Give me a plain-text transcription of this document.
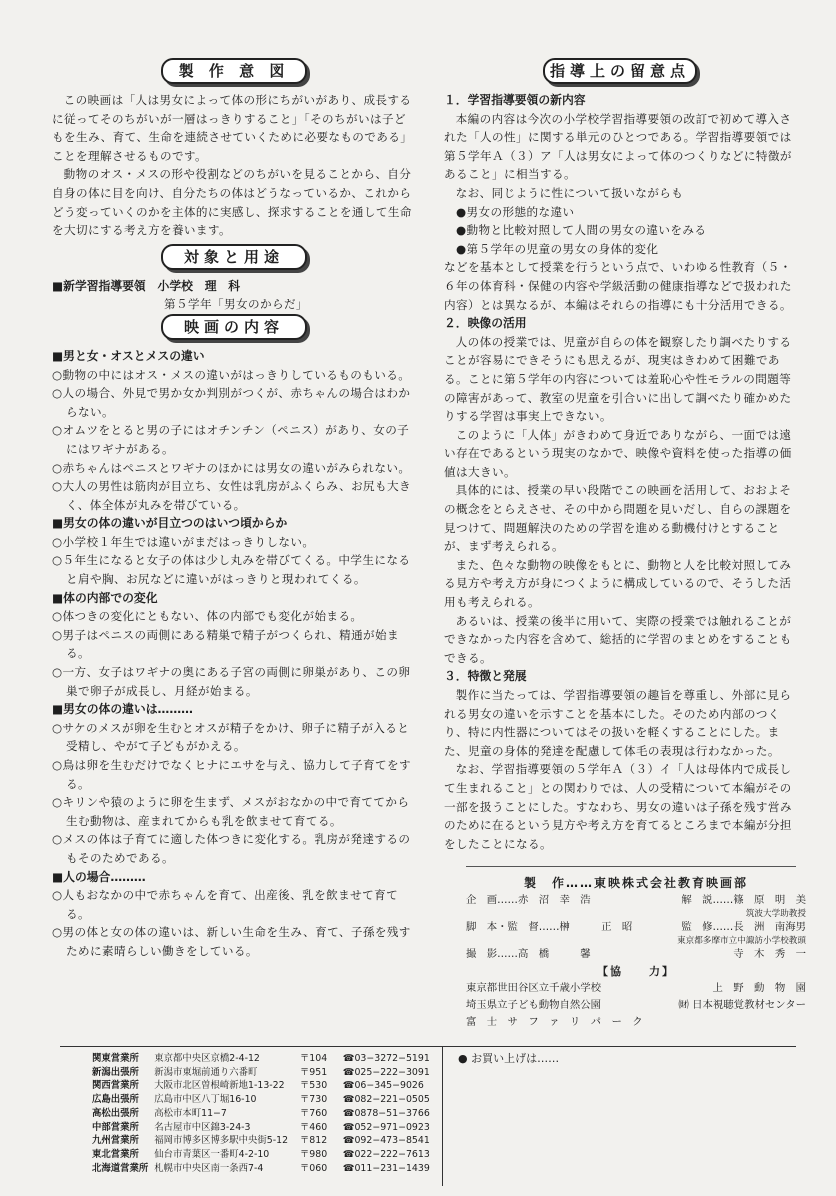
製 作 意 図

この映画は「人は男女によって体の形にちがいがあり、成長するに従ってそのちがいが一層はっきりすること」「そのちがいは子どもを生み、育て、生命を連続させていくために必要なものである」ことを理解させるものです。

動物のオス・メスの形や役割などのちがいを見ることから、自分自身の体に目を向け、自分たちの体はどうなっているか、これからどう変っていくのかを主体的に実感し、探求することを通して生命を大切にする考え方を養います。

対象と用途

■新学習指導要領　小学校　理　科

第５学年「男女のからだ」

映画の内容

■男と女・オスとメスの違い

○動物の中にはオス・メスの違いがはっきりしているものもいる。

○人の場合、外見で男か女か判別がつくが、赤ちゃんの場合はわからない。

○オムツをとると男の子にはオチンチン（ペニス）があり、女の子にはワギナがある。

○赤ちゃんはペニスとワギナのほかには男女の違いがみられない。

○大人の男性は筋肉が目立ち、女性は乳房がふくらみ、お尻も大きく、体全体が丸みを帯びている。

■男女の体の違いが目立つのはいつ頃からか

○小学校１年生では違いがまだはっきりしない。

○５年生になると女子の体は少し丸みを帯びてくる。中学生になると肩や胸、お尻などに違いがはっきりと現われてくる。

■体の内部での変化

○体つきの変化にともない、体の内部でも変化が始まる。

○男子はペニスの両側にある精巣で精子がつくられ、精通が始まる。

○一方、女子はワギナの奥にある子宮の両側に卵巣があり、この卵巣で卵子が成長し、月経が始まる。

■男女の体の違いは………

○サケのメスが卵を生むとオスが精子をかけ、卵子に精子が入ると受精し、やがて子どもがかえる。

○鳥は卵を生むだけでなくヒナにエサを与え、協力して子育てをする。

○キリンや猿のように卵を生まず、メスがおなかの中で育ててから生む動物は、産まれてからも乳を飲ませて育てる。

○メスの体は子育てに適した体つきに変化する。乳房が発達するのもそのためである。

■人の場合………

○人もおなかの中で赤ちゃんを育て、出産後、乳を飲ませて育てる。

○男の体と女の体の違いは、新しい生命を生み、育て、子孫を残すために素晴らしい働きをしている。

指導上の留意点

１．学習指導要領の新内容

本編の内容は今次の小学校学習指導要領の改訂で初めて導入された「人の性」に関する単元のひとつである。学習指導要領では第５学年Ａ（３）ア「人は男女によって体のつくりなどに特徴があること」に相当する。

なお、同じように性について扱いながらも

●男女の形態的な違い

●動物と比較対照して人間の男女の違いをみる

●第５学年の児童の男女の身体的変化

などを基本として授業を行うという点で、いわゆる性教育（５・６年の体育科・保健の内容や学級活動の健康指導などで扱われた内容）とは異なるが、本編はそれらの指導にも十分活用できる。

２．映像の活用

人の体の授業では、児童が自らの体を観察したり調べたりすることが容易にできそうにも思えるが、現実はきわめて困難である。ことに第５学年の内容については羞恥心や性モラルの問題等の障害があって、教室の児童を引合いに出して調べたり確かめたりする学習は事実上できない。

このように「人体」がきわめて身近でありながら、一面では遠い存在であるという現実のなかで、映像や資料を使った指導の価値は大きい。

具体的には、授業の早い段階でこの映画を活用して、おおよその概念をとらえさせ、その中から問題を見いだし、自らの課題を見つけて、問題解決のための学習を進める動機付けとすることが、まず考えられる。

また、色々な動物の映像をもとに、動物と人を比較対照してみる見方や考え方が身につくように構成しているので、そうした活用も考えられる。

あるいは、授業の後半に用いて、実際の授業では触れることができなかった内容を含めて、総括的に学習のまとめをすることもできる。

３．特徴と発展

製作に当たっては、学習指導要領の趣旨を尊重し、外部に見られる男女の違いを示すことを基本にした。そのため内部のつくり、特に内性器についてはその扱いを軽くすることにした。また、児童の身体的発達を配慮して体毛の表現は行わなかった。

なお、学習指導要領の５学年Ａ（３）イ「人は母体内で成長して生まれること」との関わりでは、人の受精について本編がその一部を扱うことにした。すなわち、男女の違いは子孫を残す営みのために在るという見方や考え方を育てるところまで本編が分担をしたことになる。

製　作……東映株式会社教育映画部
企　画……赤　沼　幸　浩	解　説……篠　原　明　美
筑波大学助教授
脚　本・監　督……榊　　　正　昭	監　修……長　洲　南海男
東京都多摩市立中諏訪小学校教頭
撮　影……高　橋　　　馨	寺　木　秀　一
【協　　力】
東京都世田谷区立千歳小学校	上　野　動　物　園
埼玉県立子ども動物自然公園	㈶ 日本視聴覚教材センター
富　士　サ　フ　ァ　リ　パ　ー　ク
関東営業所	東京都中央区京橋2-4-12	〒104	☎03−3272−5191
新潟出張所	新潟市東堀前通り六番町	〒951	☎025−222−3091
関西営業所	大阪市北区曽根崎新地1-13-22	〒530	☎06−345−9026
広島出張所	広島市中区八丁堀16-10	〒730	☎082−221−0505
高松出張所	高松市本町11−7	〒760	☎0878−51−3766
中部営業所	名古屋市中区錦3-24-3	〒460	☎052−971−0923
九州営業所	福岡市博多区博多駅中央街5-12	〒812	☎092−473−8541
東北営業所	仙台市青葉区一番町4-2-10	〒980	☎022−222−7613
北海道営業所 札幌市中央区南一条西7-4	〒060	☎011−231−1439
● お買い上げは……
